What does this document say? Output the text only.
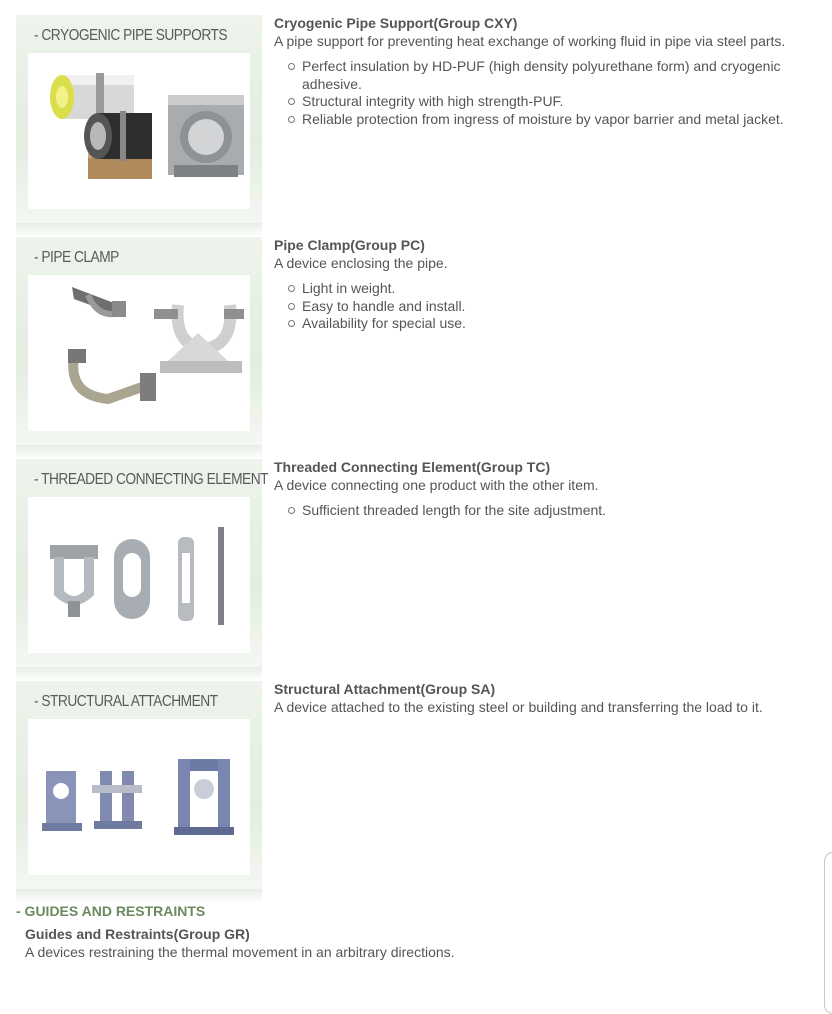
- CRYOGENIC PIPE SUPPORTS
Cryogenic Pipe Support(Group CXY)
A pipe support for preventing heat exchange of working fluid in pipe via steel parts.
Perfect insulation by HD-PUF (high density polyurethane form) and cryogenic adhesive.
Structural integrity with high strength-PUF.
Reliable protection from ingress of moisture by vapor barrier and metal jacket.
- PIPE CLAMP
Pipe Clamp(Group PC)
A device enclosing the pipe.
Light in weight.
Easy to handle and install.
Availability for special use.
- THREADED CONNECTING ELEMENT
Threaded Connecting Element(Group TC)
A device connecting one product with the other item.
Sufficient threaded length for the site adjustment.
- STRUCTURAL ATTACHMENT
Structural Attachment(Group SA)
A device attached to the existing steel or building and transferring the load to it.
- GUIDES AND RESTRAINTS
Guides and Restraints(Group GR)
A devices restraining the thermal movement in an arbitrary directions.
